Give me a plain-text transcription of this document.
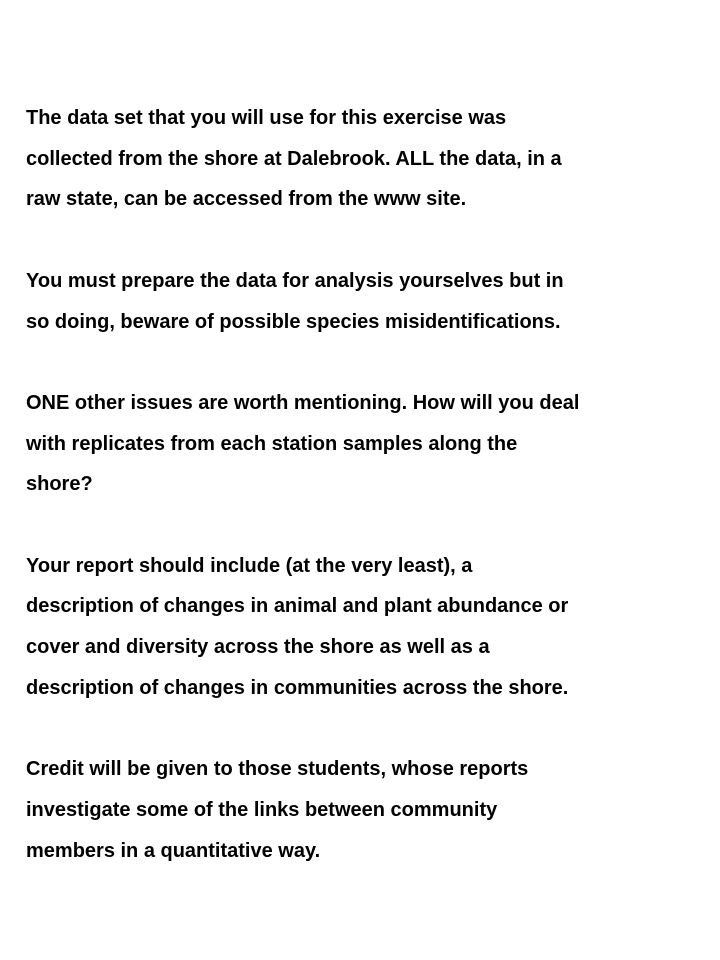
The data set that you will use for this exercise was
collected from the shore at Dalebrook. ALL the data, in a
raw state, can be accessed from the www site.

You must prepare the data for analysis yourselves but in
so doing, beware of possible species misidentifications.

ONE other issues are worth mentioning. How will you deal
with replicates from each station samples along the
shore?

Your report should include (at the very least), a
description of changes in animal and plant abundance or
cover and diversity across the shore as well as a
description of changes in communities across the shore.

Credit will be given to those students, whose reports
investigate some of the links between community
members in a quantitative way.
